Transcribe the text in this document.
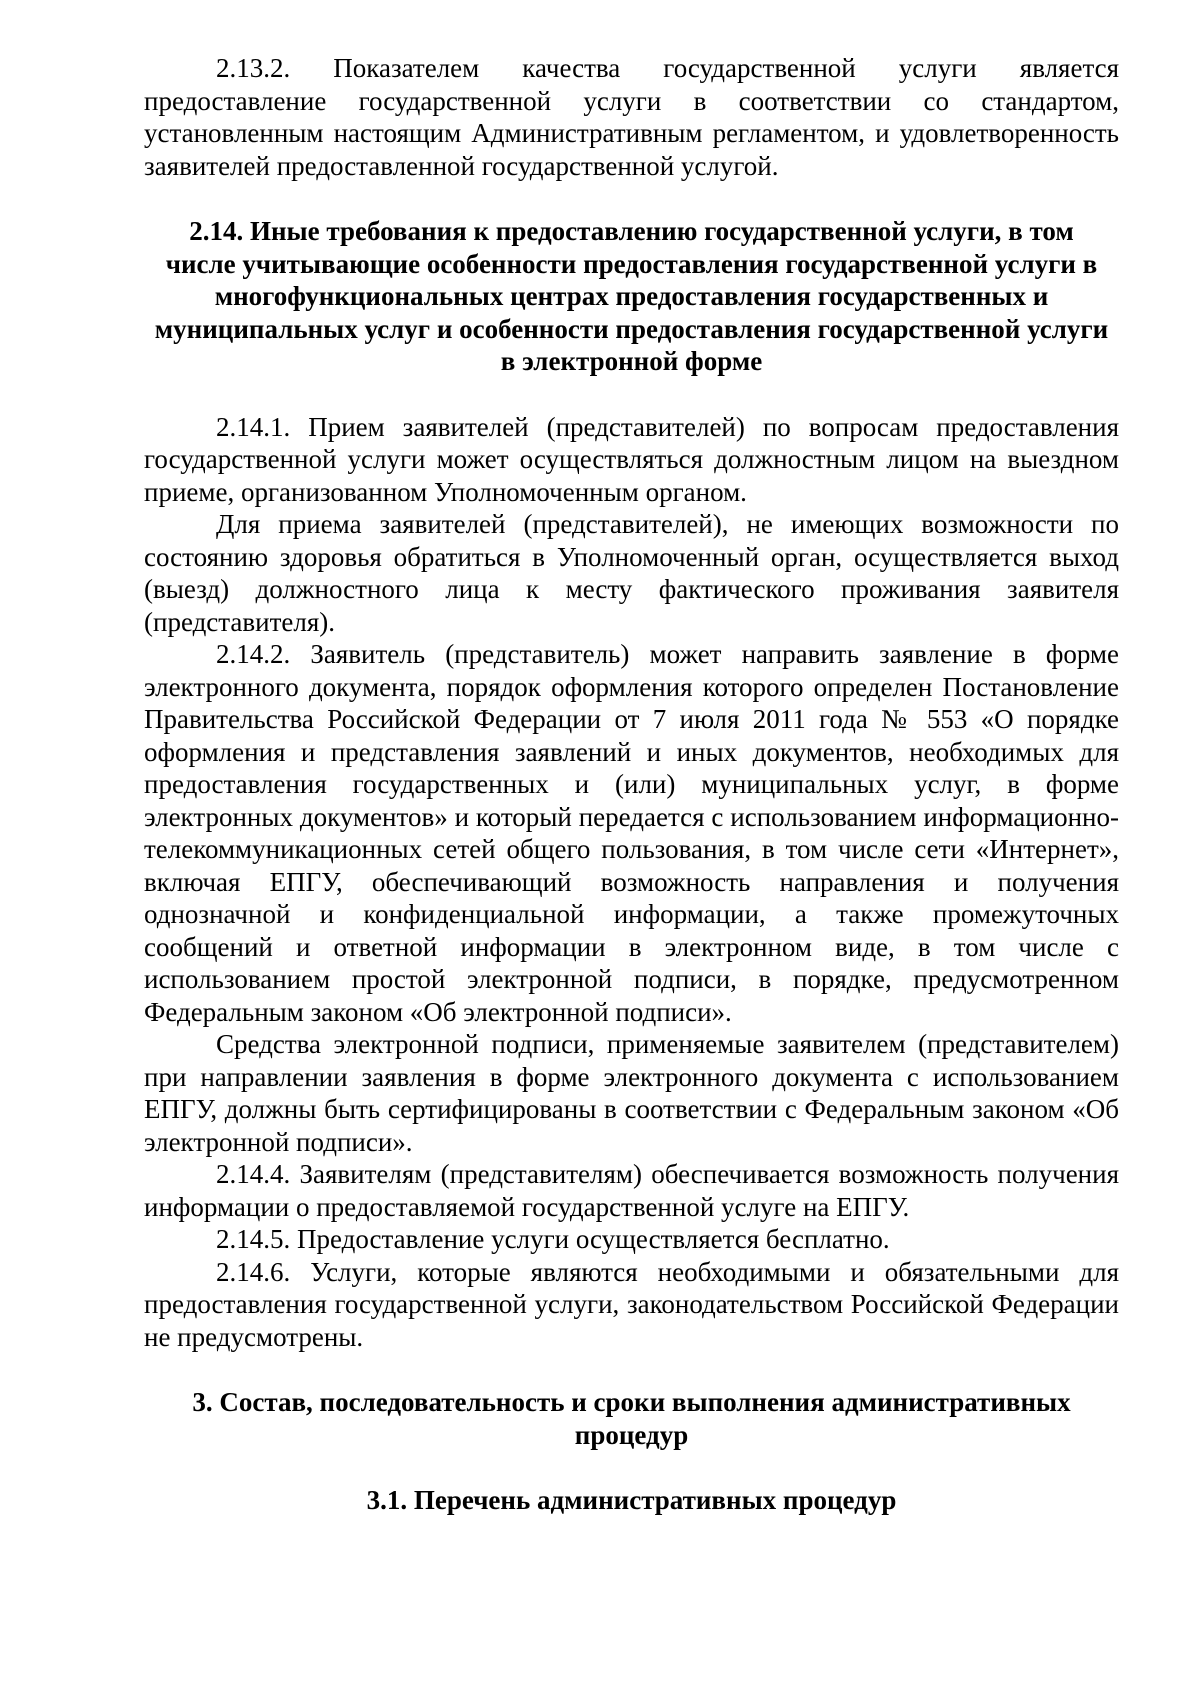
2.13.2. Показателем качества государственной услуги является предоставление государственной услуги в соответствии со стандартом, установленным настоящим Административным регламентом, и удовлетворенность заявителей предоставленной государственной услугой.

2.14. Иные требования к предоставлению государственной услуги, в том числе учитывающие особенности предоставления государственной услуги в многофункциональных центрах предоставления государственных и муниципальных услуг и особенности предоставления государственной услуги в электронной форме

2.14.1. Прием заявителей (представителей) по вопросам предоставления государственной услуги может осуществляться должностным лицом на выездном приеме, организованном Уполномоченным органом.

Для приема заявителей (представителей), не имеющих возможности по состоянию здоровья обратиться в Уполномоченный орган, осуществляется выход (выезд) должностного лица к месту фактического проживания заявителя (представителя).

2.14.2. Заявитель (представитель) может направить заявление в форме электронного документа, порядок оформления которого определен Постановление Правительства Российской Федерации от 7 июля 2011 года № 553 «О порядке оформления и представления заявлений и иных документов, необходимых для предоставления государственных и (или) муниципальных услуг, в форме электронных документов» и который передается с использованием информационно-телекоммуникационных сетей общего пользования, в том числе сети «Интернет», включая ЕПГУ, обеспечивающий возможность направления и получения однозначной и конфиденциальной информации, а также промежуточных сообщений и ответной информации в электронном виде, в том числе с использованием простой электронной подписи, в порядке, предусмотренном Федеральным законом «Об электронной подписи».

Средства электронной подписи, применяемые заявителем (представителем) при направлении заявления в форме электронного документа с использованием ЕПГУ, должны быть сертифицированы в соответствии с Федеральным законом «Об электронной подписи».

2.14.4. Заявителям (представителям) обеспечивается возможность получения информации о предоставляемой государственной услуге на ЕПГУ.

2.14.5. Предоставление услуги осуществляется бесплатно.

2.14.6. Услуги, которые являются необходимыми и обязательными для предоставления государственной услуги, законодательством Российской Федерации не предусмотрены.

3. Состав, последовательность и сроки выполнения административных процедур

3.1. Перечень административных процедур
